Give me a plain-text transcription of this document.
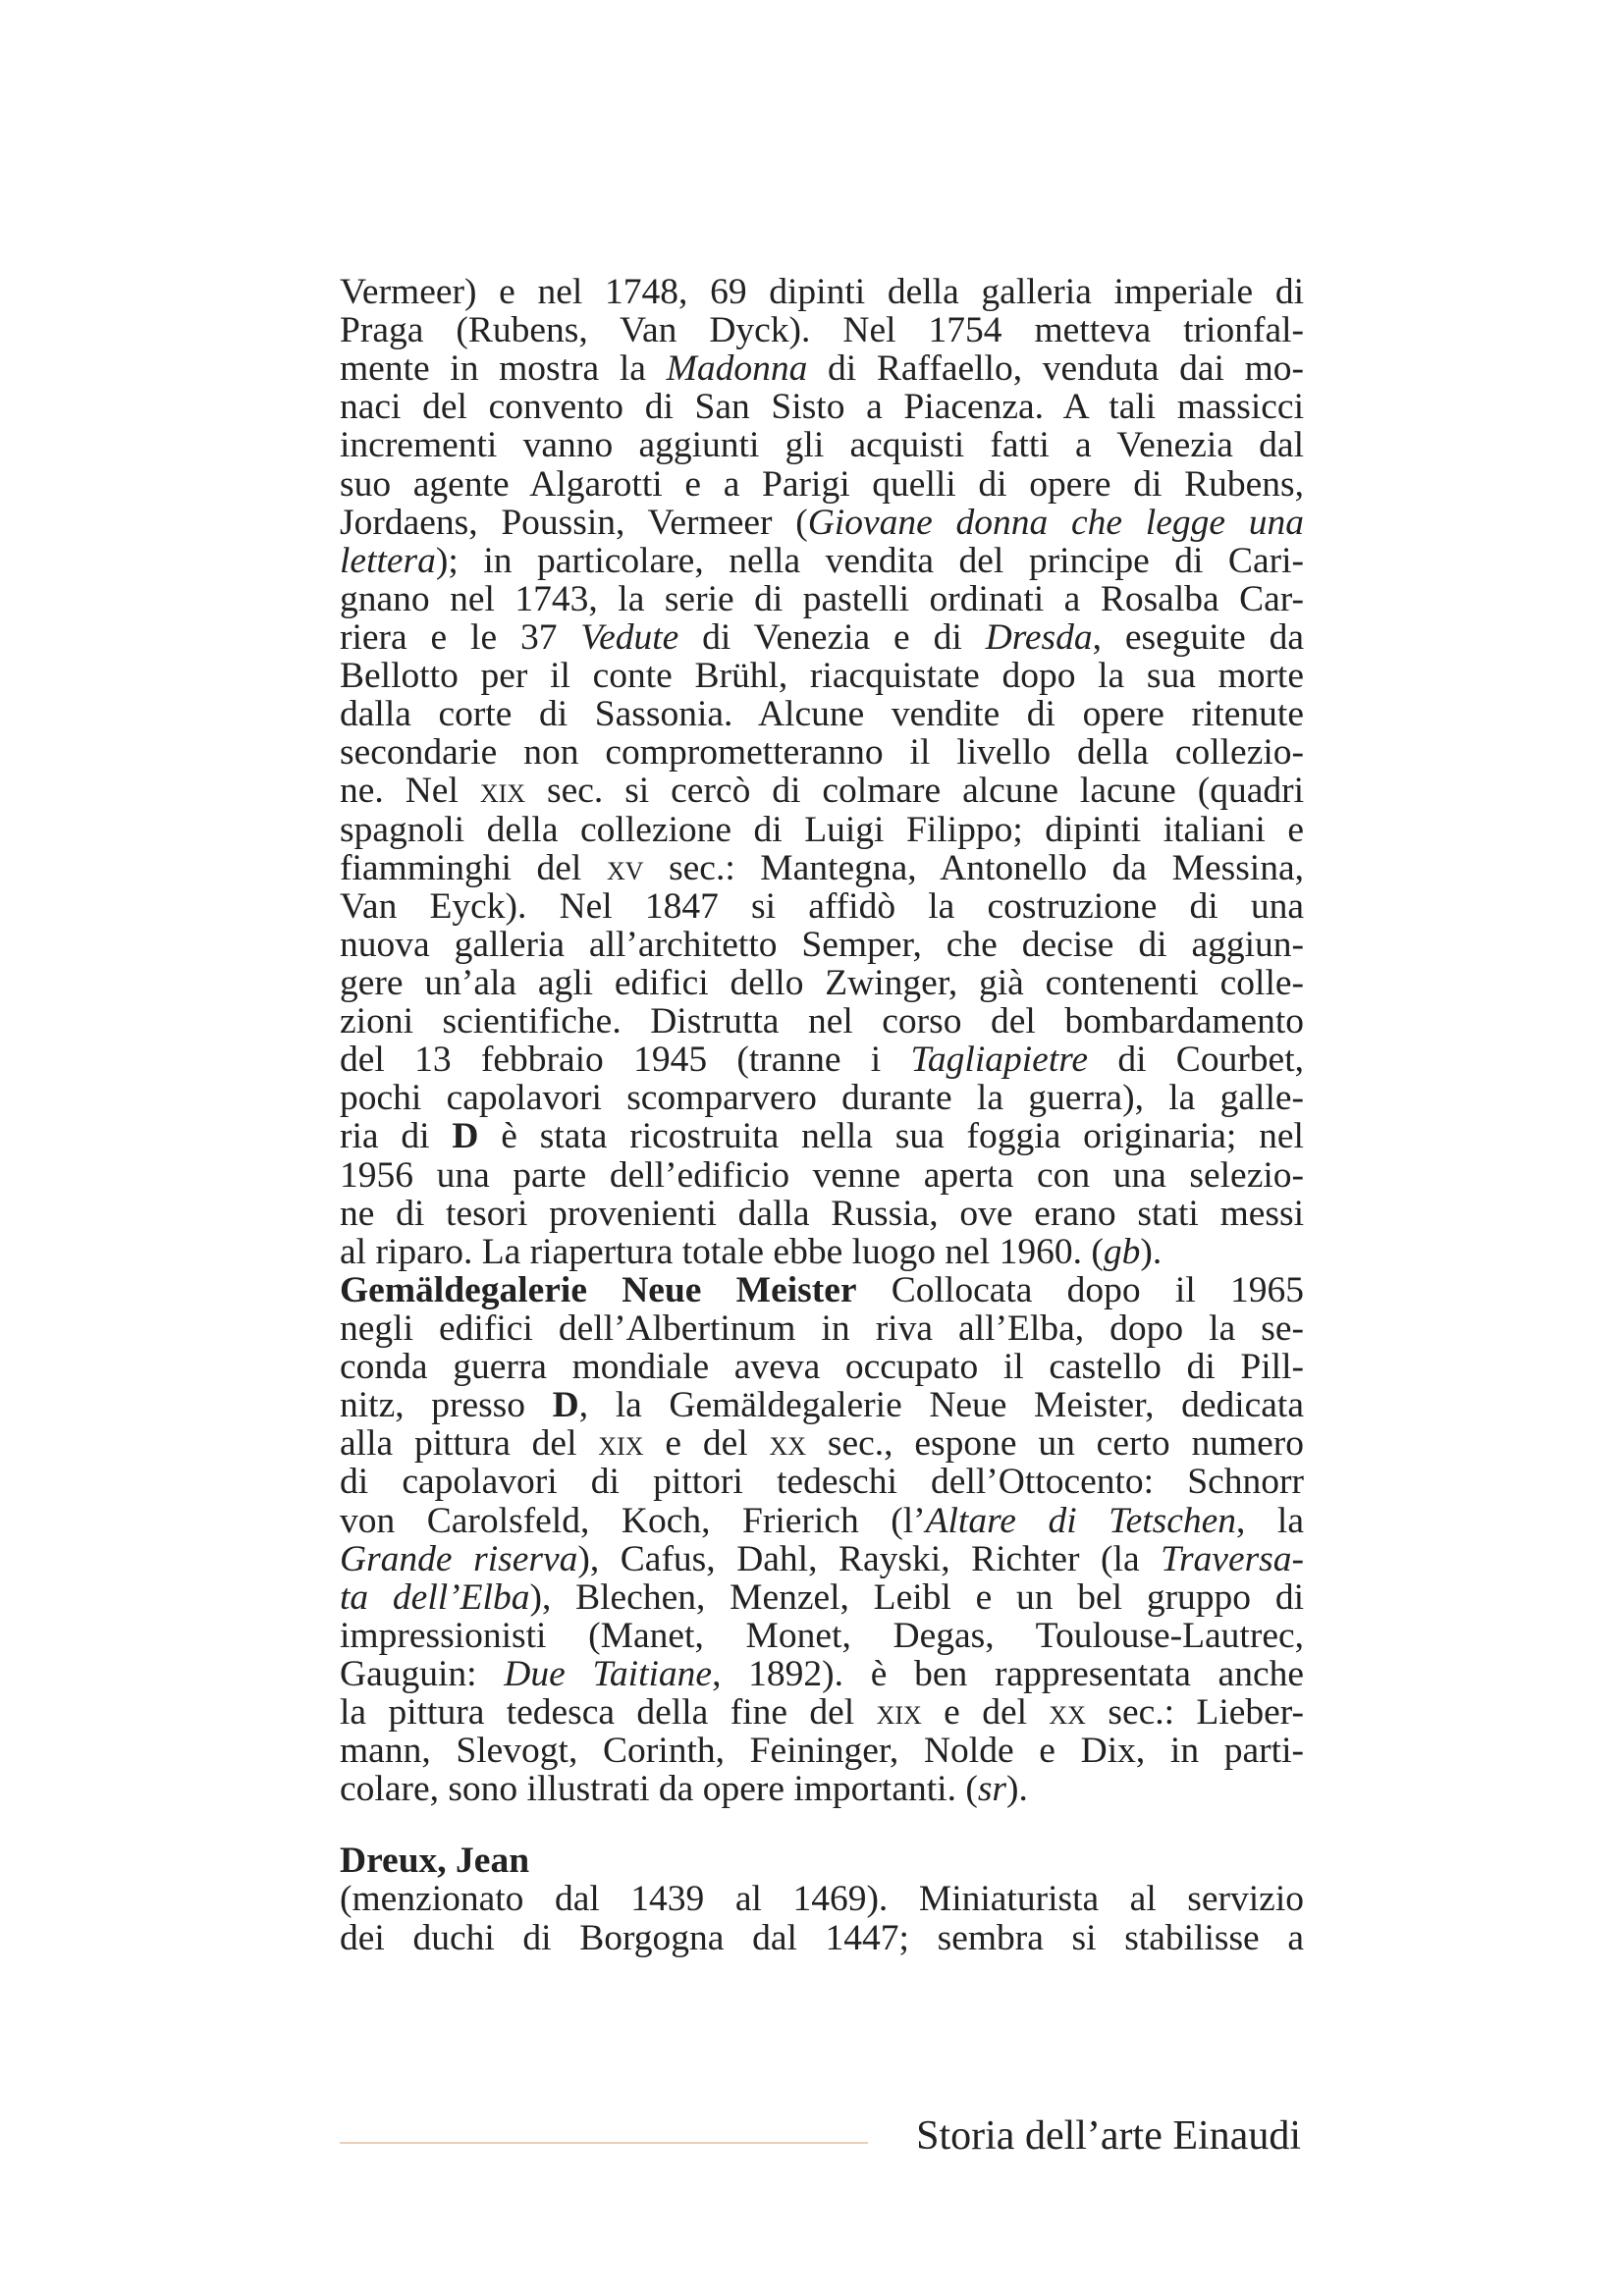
Vermeer) e nel 1748, 69 dipinti della galleria imperiale di
Praga (Rubens, Van Dyck). Nel 1754 metteva trionfal-
mente in mostra la Madonna di Raffaello, venduta dai mo-
naci del convento di San Sisto a Piacenza. A tali massicci
incrementi vanno aggiunti gli acquisti fatti a Venezia dal
suo agente Algarotti e a Parigi quelli di opere di Rubens,
Jordaens, Poussin, Vermeer (Giovane donna che legge una
lettera); in particolare, nella vendita del principe di Cari-
gnano nel 1743, la serie di pastelli ordinati a Rosalba Car-
riera e le 37 Vedute di Venezia e di Dresda, eseguite da
Bellotto per il conte Brühl, riacquistate dopo la sua morte
dalla corte di Sassonia. Alcune vendite di opere ritenute
secondarie non comprometteranno il livello della collezio-
ne. Nel xix sec. si cercò di colmare alcune lacune (quadri
spagnoli della collezione di Luigi Filippo; dipinti italiani e
fiamminghi del xv sec.: Mantegna, Antonello da Messina,
Van Eyck). Nel 1847 si affidò la costruzione di una
nuova galleria all’architetto Semper, che decise di aggiun-
gere un’ala agli edifici dello Zwinger, già contenenti colle-
zioni scientifiche. Distrutta nel corso del bombardamento
del 13 febbraio 1945 (tranne i Tagliapietre di Courbet,
pochi capolavori scomparvero durante la guerra), la galle-
ria di D è stata ricostruita nella sua foggia originaria; nel
1956 una parte dell’edificio venne aperta con una selezio-
ne di tesori provenienti dalla Russia, ove erano stati messi
al riparo. La riapertura totale ebbe luogo nel 1960. (gb).
Gemäldegalerie Neue Meister Collocata dopo il 1965
negli edifici dell’Albertinum in riva all’Elba, dopo la se-
conda guerra mondiale aveva occupato il castello di Pill-
nitz, presso D, la Gemäldegalerie Neue Meister, dedicata
alla pittura del xix e del xx sec., espone un certo numero
di capolavori di pittori tedeschi dell’Ottocento: Schnorr
von Carolsfeld, Koch, Frierich (l’Altare di Tetschen, la
Grande riserva), Cafus, Dahl, Rayski, Richter (la Traversa-
ta dell’Elba), Blechen, Menzel, Leibl e un bel gruppo di
impressionisti (Manet, Monet, Degas, Toulouse-Lautrec,
Gauguin: Due Taitiane, 1892). è ben rappresentata anche
la pittura tedesca della fine del xix e del xx sec.: Lieber-
mann, Slevogt, Corinth, Feininger, Nolde e Dix, in parti-
colare, sono illustrati da opere importanti. (sr).
Dreux, Jean
(menzionato dal 1439 al 1469). Miniaturista al servizio
dei duchi di Borgogna dal 1447; sembra si stabilisse a
Storia dell’arte Einaudi
